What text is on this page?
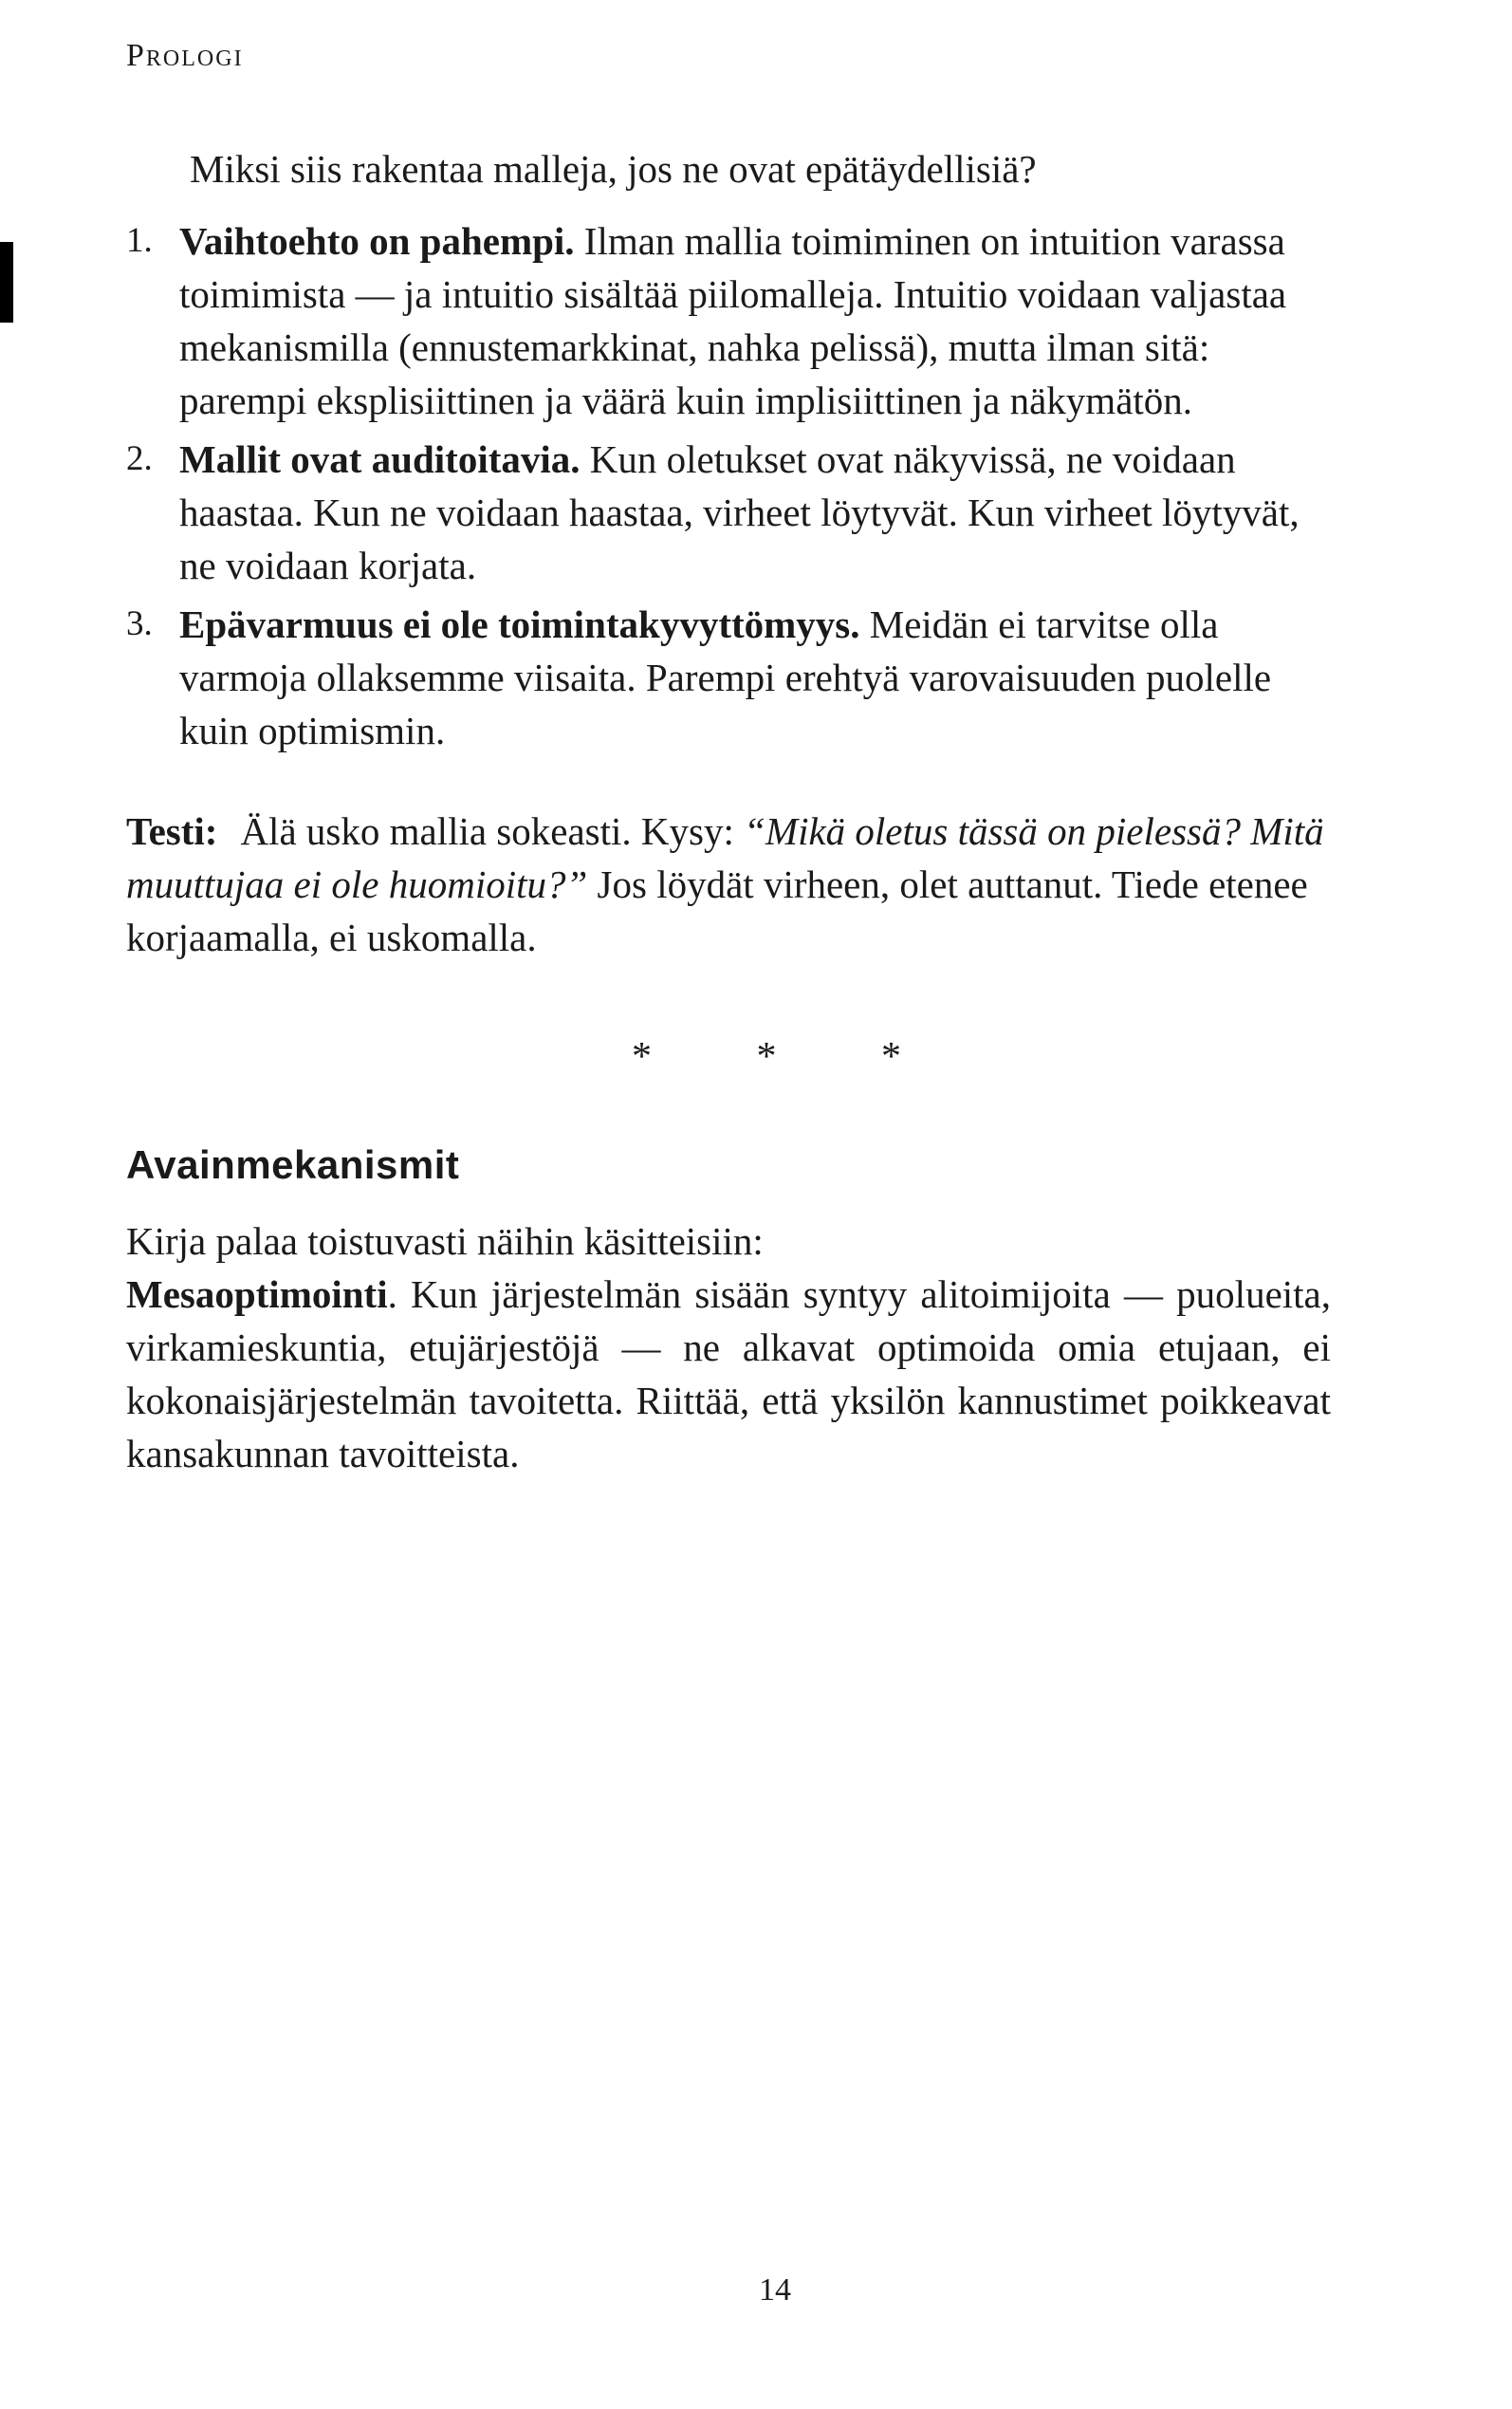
Prologi

Miksi siis rakentaa malleja, jos ne ovat epätäydellisiä?

1. Vaihtoehto on pahempi. Ilman mallia toimiminen on intuition varassa toimimista — ja intuitio sisältää piilomalleja. Intuitio voidaan valjastaa mekanismilla (ennustemarkkinat, nahka pelissä), mutta ilman sitä: parempi eksplisiittinen ja väärä kuin implisiittinen ja näkymätön.

2. Mallit ovat auditoitavia. Kun oletukset ovat näkyvissä, ne voidaan haastaa. Kun ne voidaan haastaa, virheet löytyvät. Kun virheet löytyvät, ne voidaan korjata.

3. Epävarmuus ei ole toimintakyvyttömyys. Meidän ei tarvitse olla varmoja ollaksemme viisaita. Parempi erehtyä varovaisuuden puolelle kuin optimismin.

Testi: Älä usko mallia sokeasti. Kysy: “Mikä oletus tässä on pielessä? Mitä muuttujaa ei ole huomioitu?” Jos löydät virheen, olet auttanut. Tiede etenee korjaamalla, ei uskomalla.

* * *

Avainmekanismit

Kirja palaa toistuvasti näihin käsitteisiin:

Mesaoptimointi. Kun järjestelmän sisään syntyy alitoimijoita — puolueita, virkamieskuntia, etujärjestöjä — ne alkavat optimoida omia etujaan, ei kokonaisjärjestelmän tavoitetta. Riittää, että yksilön kannustimet poikkeavat kansakunnan tavoitteista.

14
